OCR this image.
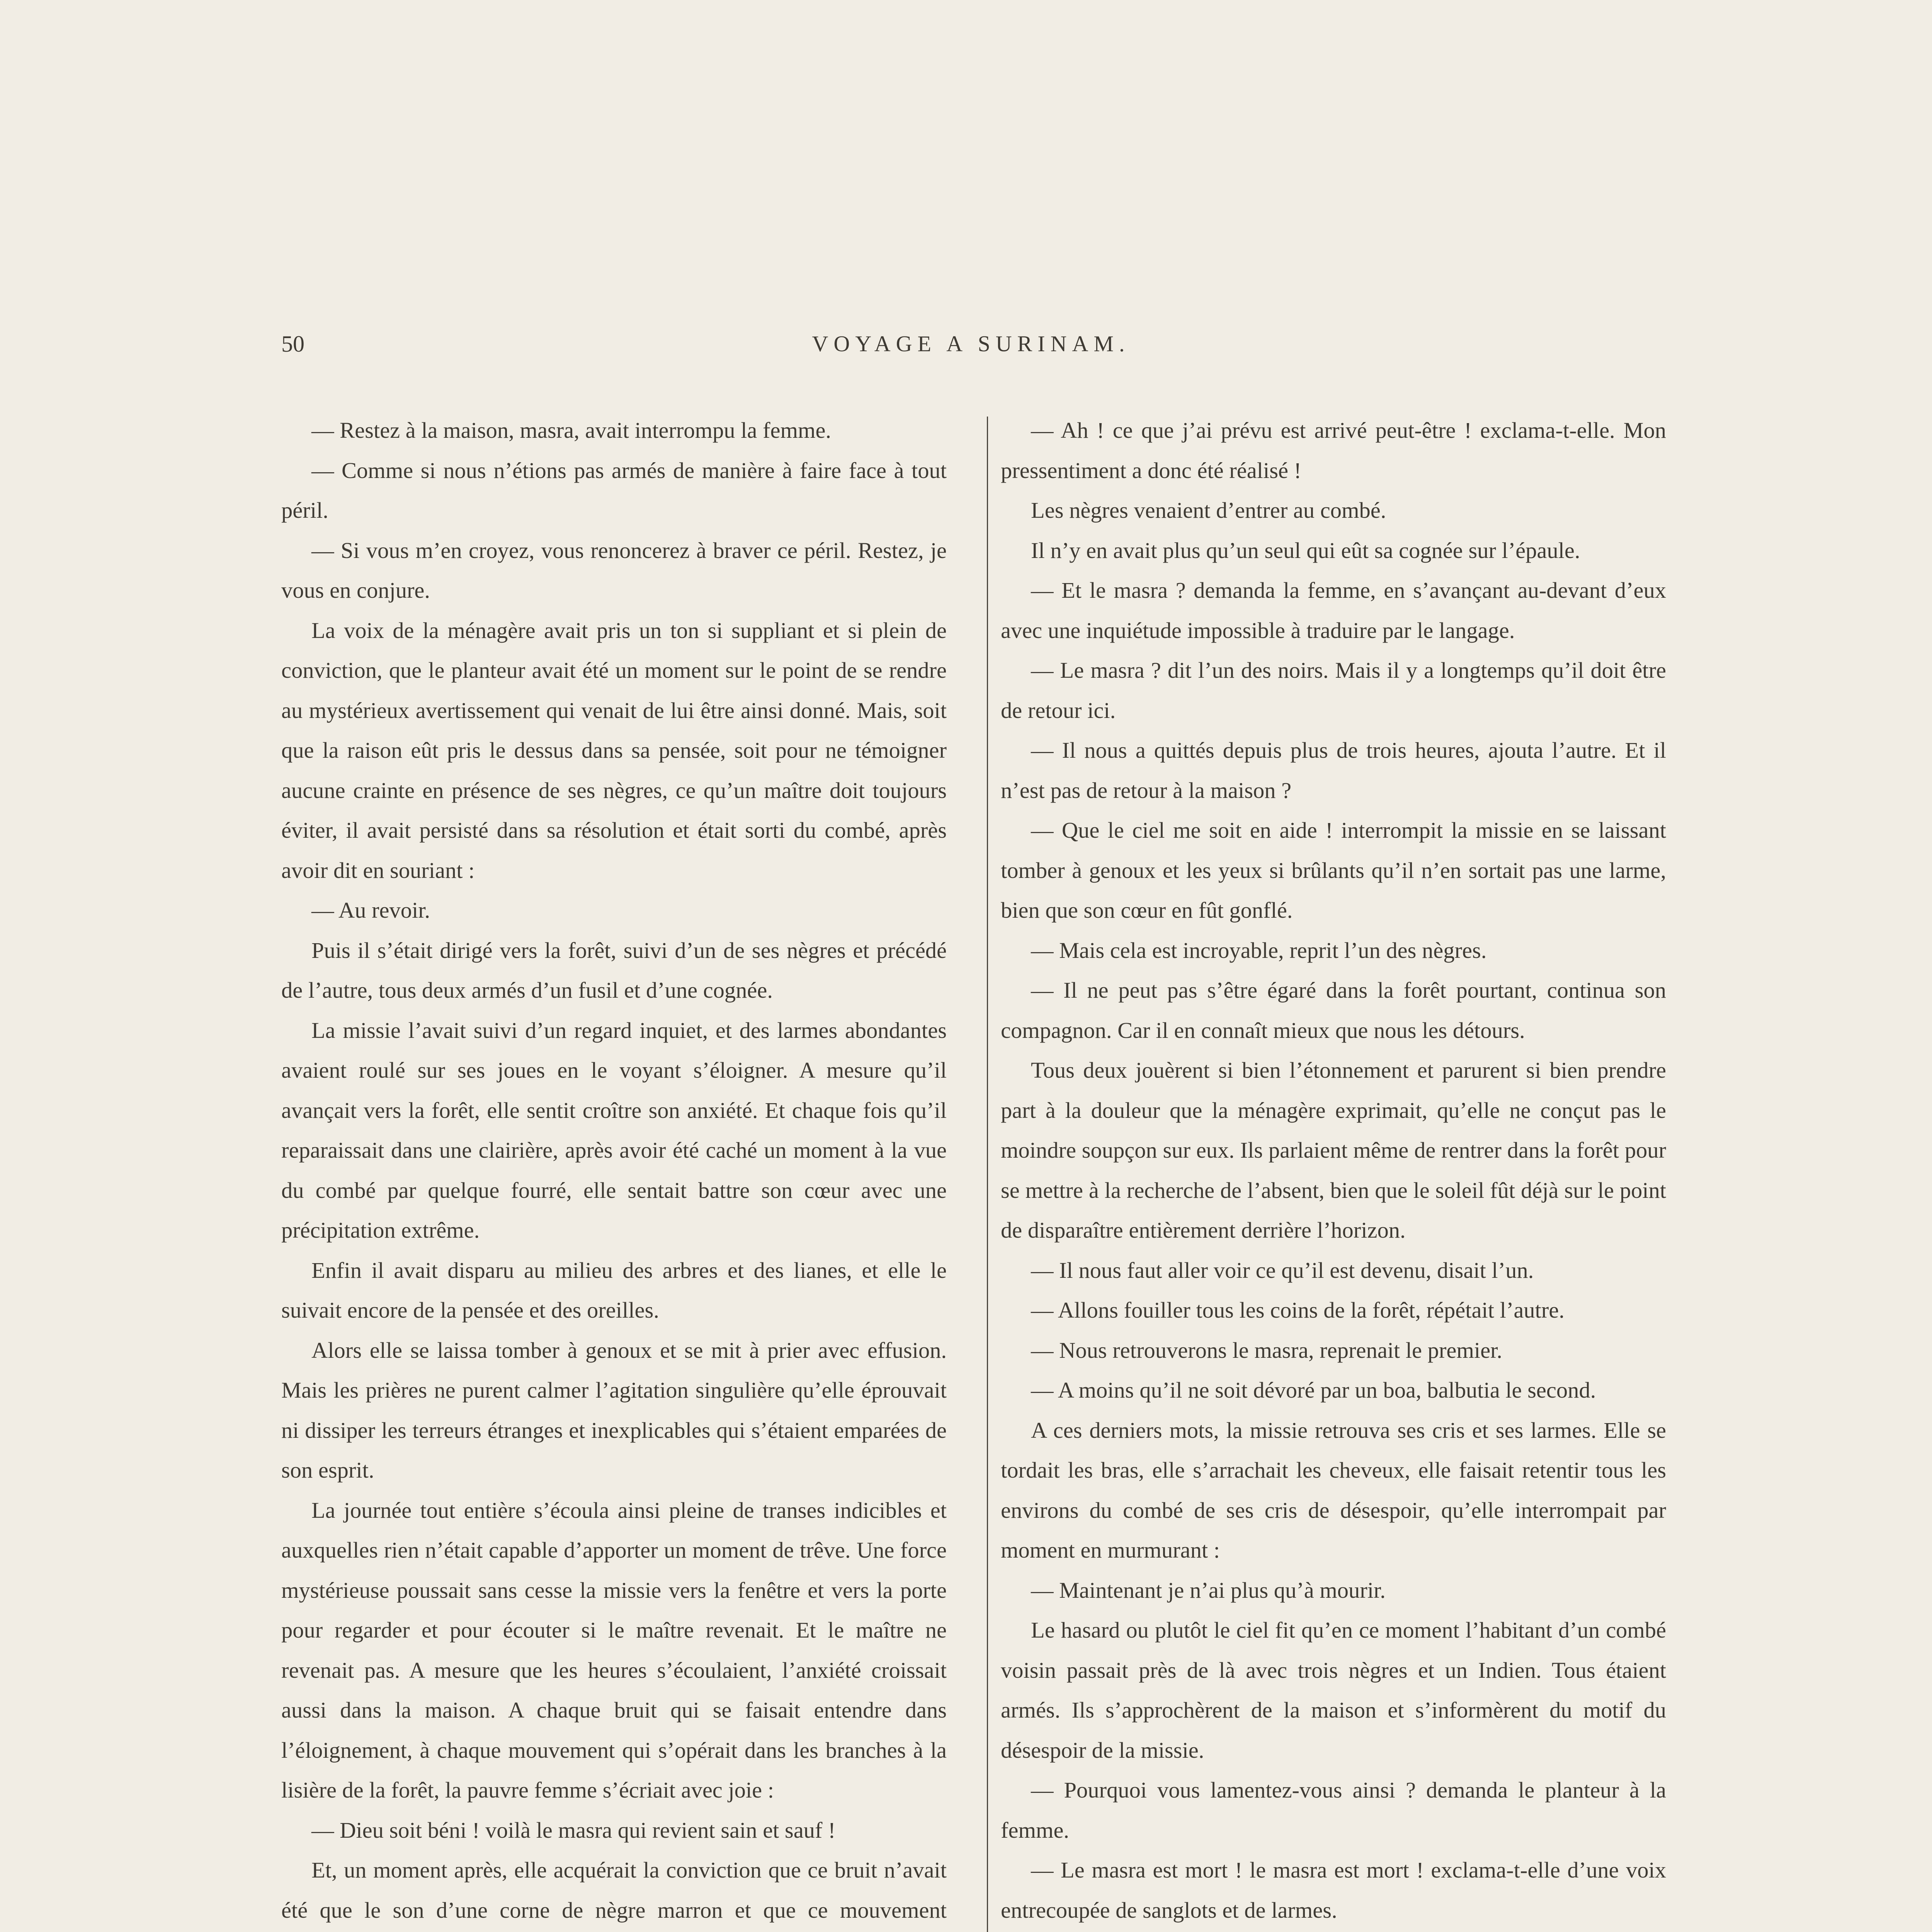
50	VOYAGE A SURINAM.

— Restez à la maison, masra, avait interrompu la femme.

— Comme si nous n’étions pas armés de manière à faire face à tout péril.

— Si vous m’en croyez, vous renoncerez à braver ce péril. Restez, je vous en conjure.

La voix de la ménagère avait pris un ton si suppliant et si plein de conviction, que le planteur avait été un moment sur le point de se rendre au mystérieux avertissement qui venait de lui être ainsi donné. Mais, soit que la raison eût pris le dessus dans sa pensée, soit pour ne témoigner aucune crainte en présence de ses nègres, ce qu’un maître doit toujours éviter, il avait persisté dans sa résolution et était sorti du combé, après avoir dit en souriant :

— Au revoir.

Puis il s’était dirigé vers la forêt, suivi d’un de ses nègres et précédé de l’autre, tous deux armés d’un fusil et d’une cognée.

La missie l’avait suivi d’un regard inquiet, et des larmes abondantes avaient roulé sur ses joues en le voyant s’éloigner. A mesure qu’il avançait vers la forêt, elle sentit croître son anxiété. Et chaque fois qu’il reparaissait dans une clairière, après avoir été caché un moment à la vue du combé par quelque fourré, elle sentait battre son cœur avec une précipitation extrême.

Enfin il avait disparu au milieu des arbres et des lianes, et elle le suivait encore de la pensée et des oreilles.

Alors elle se laissa tomber à genoux et se mit à prier avec effusion. Mais les prières ne purent calmer l’agitation singulière qu’elle éprouvait ni dissiper les terreurs étranges et inexplicables qui s’étaient emparées de son esprit.

La journée tout entière s’écoula ainsi pleine de transes indicibles et auxquelles rien n’était capable d’apporter un moment de trêve. Une force mystérieuse poussait sans cesse la missie vers la fenêtre et vers la porte pour regarder et pour écouter si le maître revenait. Et le maître ne revenait pas. A mesure que les heures s’écoulaient, l’anxiété croissait aussi dans la maison. A chaque bruit qui se faisait entendre dans l’éloignement, à chaque mouvement qui s’opérait dans les branches à la lisière de la forêt, la pauvre femme s’écriait avec joie :

— Dieu soit béni ! voilà le masra qui revient sain et sauf !

Et, un moment après, elle acquérait la conviction que ce bruit n’avait été que le son d’une corne de nègre marron et que ce mouvement

— Ah ! ce que j’ai prévu est arrivé peut-être ! exclama-t-elle. Mon pressentiment a donc été réalisé !

Les nègres venaient d’entrer au combé.

Il n’y en avait plus qu’un seul qui eût sa cognée sur l’épaule.

— Et le masra ? demanda la femme, en s’avançant au-devant d’eux avec une inquiétude impossible à traduire par le langage.

— Le masra ? dit l’un des noirs. Mais il y a longtemps qu’il doit être de retour ici.

— Il nous a quittés depuis plus de trois heures, ajouta l’autre. Et il n’est pas de retour à la maison ?

— Que le ciel me soit en aide ! interrompit la missie en se laissant tomber à genoux et les yeux si brûlants qu’il n’en sortait pas une larme, bien que son cœur en fût gonflé.

— Mais cela est incroyable, reprit l’un des nègres.

— Il ne peut pas s’être égaré dans la forêt pourtant, continua son compagnon. Car il en connaît mieux que nous les détours.

Tous deux jouèrent si bien l’étonnement et parurent si bien prendre part à la douleur que la ménagère exprimait, qu’elle ne conçut pas le moindre soupçon sur eux. Ils parlaient même de rentrer dans la forêt pour se mettre à la recherche de l’absent, bien que le soleil fût déjà sur le point de disparaître entièrement derrière l’horizon.

— Il nous faut aller voir ce qu’il est devenu, disait l’un.

— Allons fouiller tous les coins de la forêt, répétait l’autre.

— Nous retrouverons le masra, reprenait le premier.

— A moins qu’il ne soit dévoré par un boa, balbutia le second.

A ces derniers mots, la missie retrouva ses cris et ses larmes. Elle se tordait les bras, elle s’arrachait les cheveux, elle faisait retentir tous les environs du combé de ses cris de désespoir, qu’elle interrompait par moment en murmurant :

— Maintenant je n’ai plus qu’à mourir.

Le hasard ou plutôt le ciel fit qu’en ce moment l’habitant d’un combé voisin passait près de là avec trois nègres et un Indien. Tous étaient armés. Ils s’approchèrent de la maison et s’informèrent du motif du désespoir de la missie.

— Pourquoi vous lamentez-vous ainsi ? demanda le planteur à la femme.

— Le masra est mort ! le masra est mort ! exclama-t-elle d’une voix entrecoupée de sanglots et de larmes.
